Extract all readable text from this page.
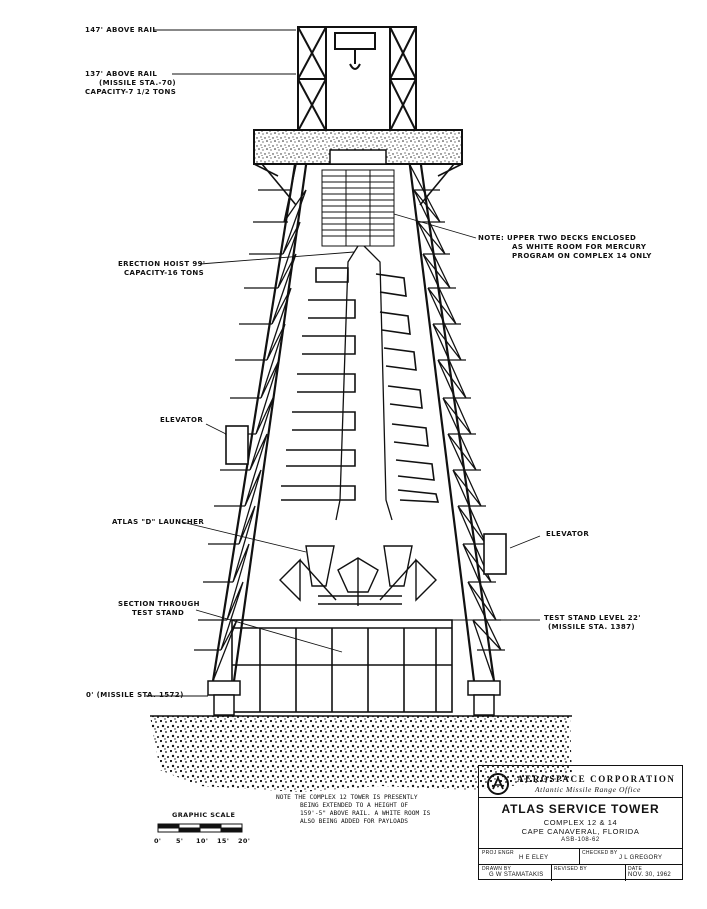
147' ABOVE RAIL
137' ABOVE RAIL
(MISSILE STA.-70)
CAPACITY-7 1/2 TONS
NOTE: UPPER TWO DECKS ENCLOSED
AS WHITE ROOM FOR MERCURY
PROGRAM ON COMPLEX 14 ONLY
ERECTION HOIST 99'
CAPACITY-16 TONS
ELEVATOR
ATLAS "D" LAUNCHER
ELEVATOR
SECTION THROUGH
TEST STAND
TEST STAND LEVEL 22'
(MISSILE STA. 1387)
0' (MISSILE STA. 1572)
NOTE THE COMPLEX 12 TOWER IS PRESENTLY
BEING EXTENDED TO A HEIGHT OF
159'-5" ABOVE RAIL. A WHITE ROOM IS
ALSO BEING ADDED FOR PAYLOADS
GRAPHIC SCALE
0' 5' 10' 15' 20'
AEROSPACE CORPORATION
Atlantic Missile Range Office
ATLAS SERVICE TOWER
COMPLEX 12 & 14
CAPE CANAVERAL, FLORIDA
ASB-108-62
PROJ ENGR
H E ELEY
CHECKED BY
J L GREGORY
DRAWN BY
G W STAMATAKIS
REVISED BY	DATE
NOV. 30, 1962
